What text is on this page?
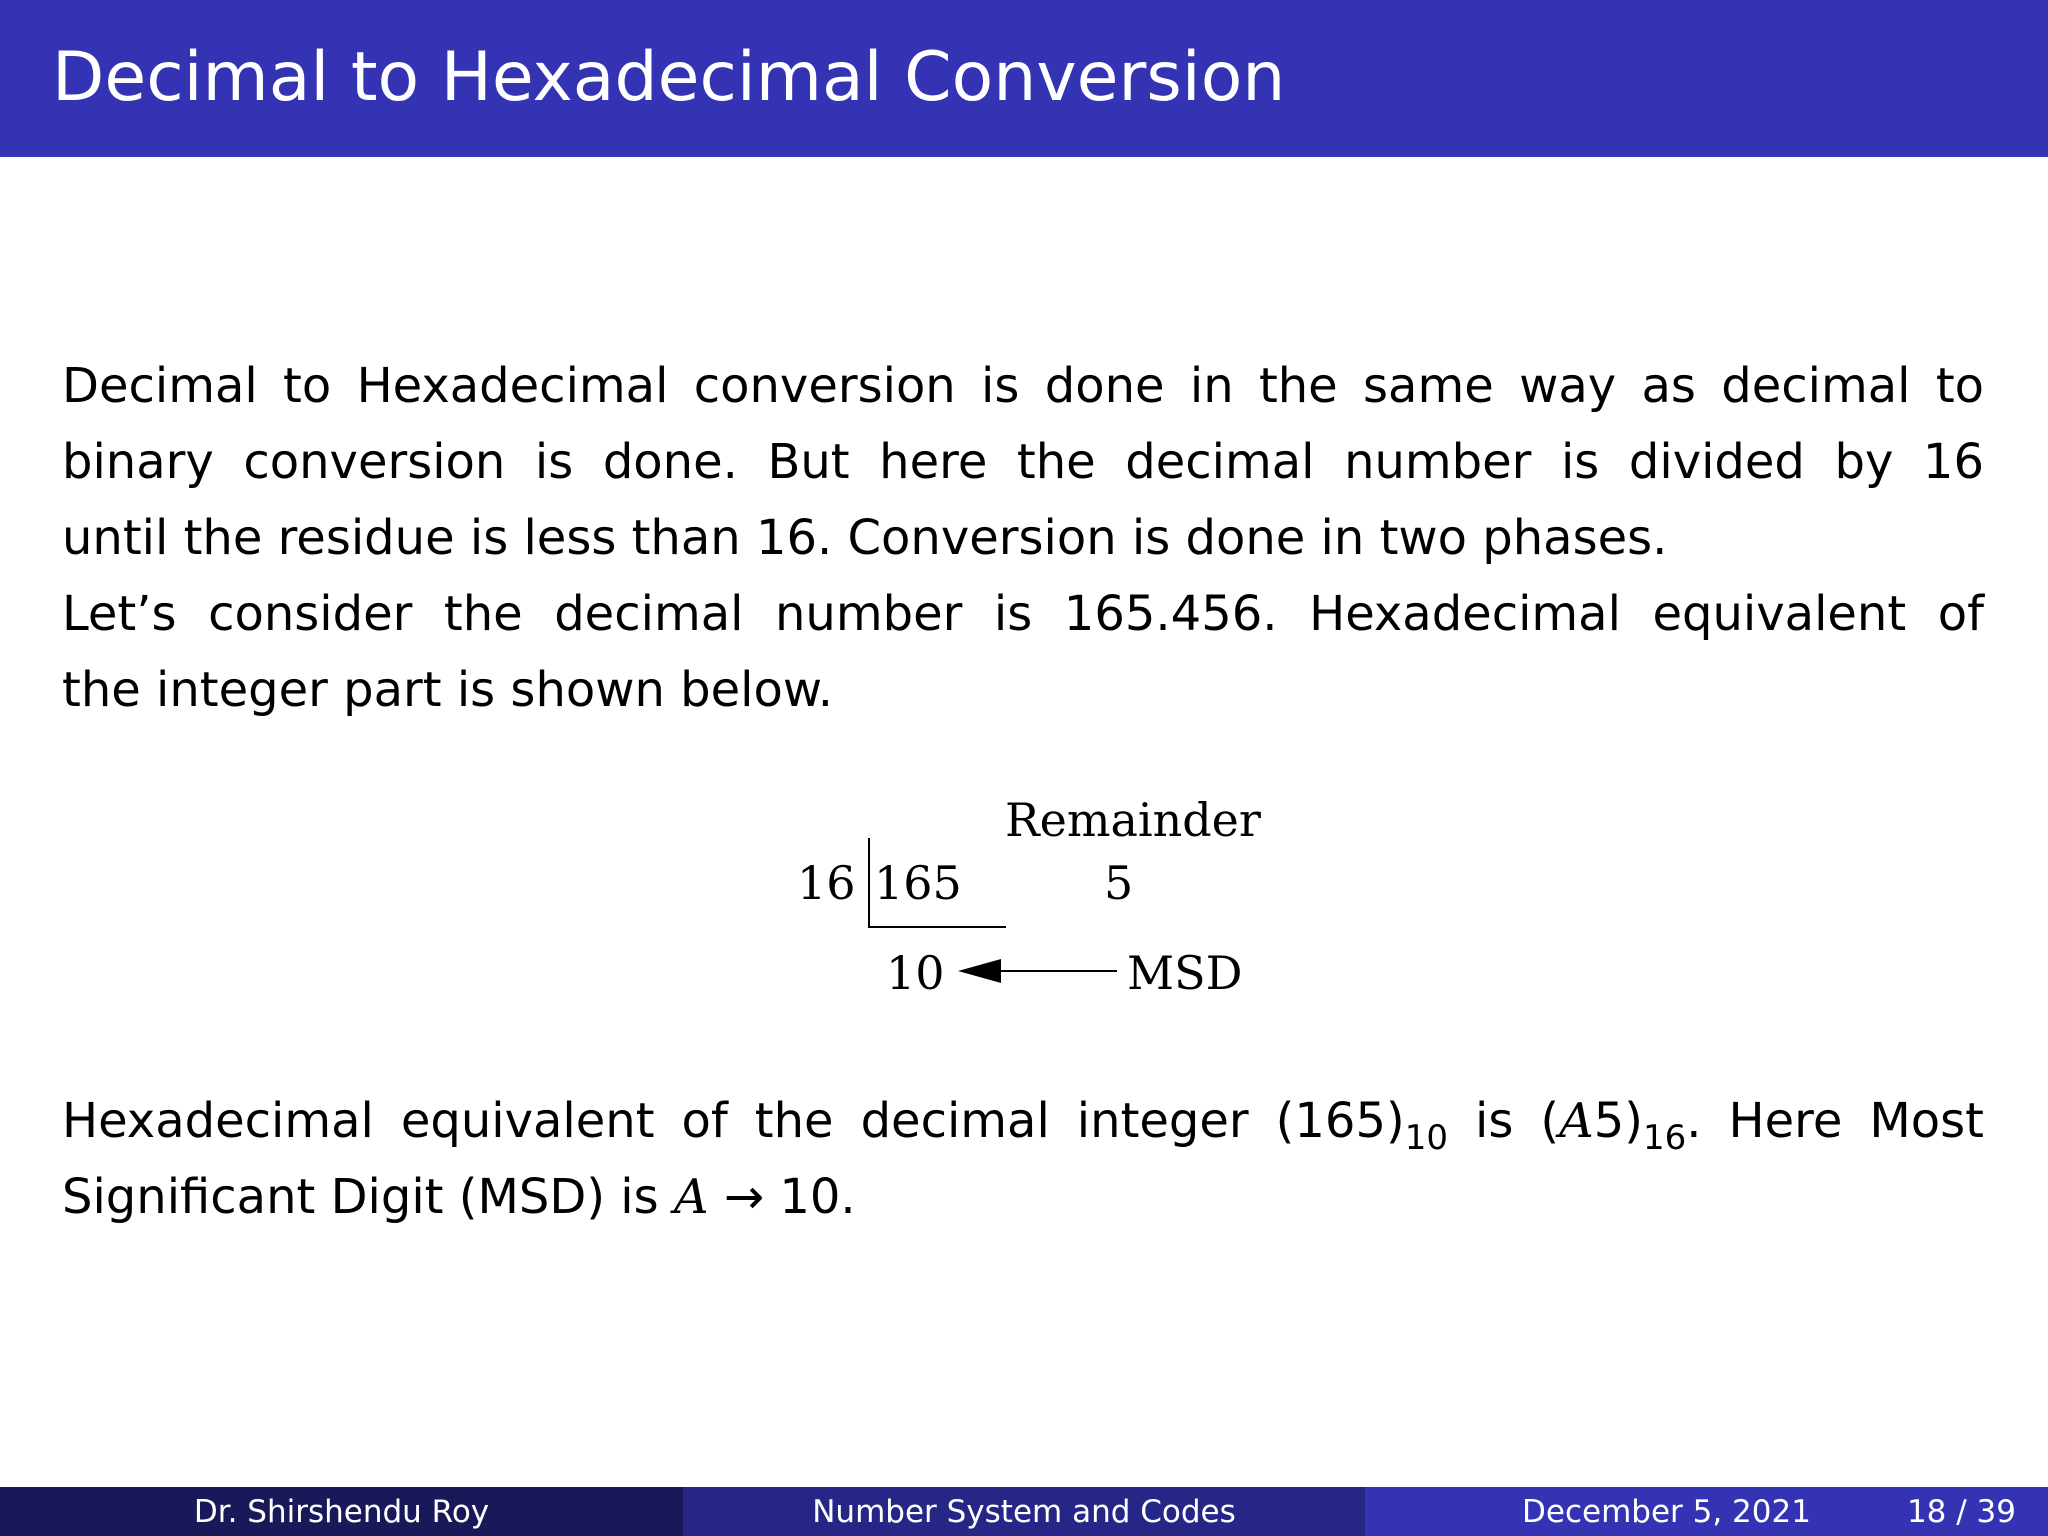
Decimal to Hexadecimal Conversion
Decimal to Hexadecimal conversion is done in the same way as decimal to
binary conversion is done. But here the decimal number is divided by 16
until the residue is less than 16. Conversion is done in two phases.
Let’s consider the decimal number is 165.456. Hexadecimal equivalent of
the integer part is shown below.
Remainder
16 165	5
10	MSD
Hexadecimal equivalent of the decimal integer $(165)_{10}$ is $(A5)_{16}$. Here Most
Significant Digit (MSD) is A → 10.
Dr. Shirshendu Roy	Number System and Codes	December 5, 2021	18 / 39
